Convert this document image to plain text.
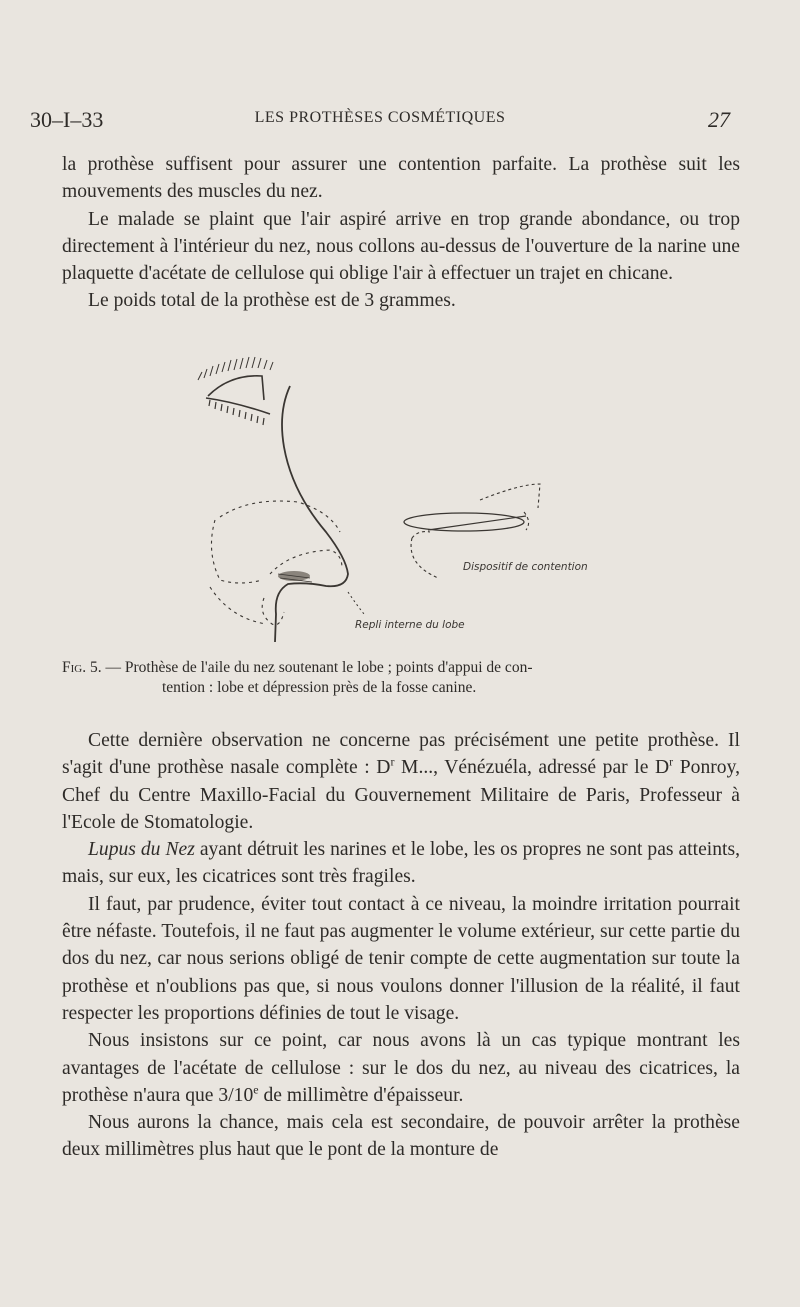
30–I–33	LES PROTHÈSES COSMÉTIQUES	27

la prothèse suffisent pour assurer une contention parfaite. La prothèse suit les mouvements des muscles du nez.

Le malade se plaint que l'air aspiré arrive en trop grande abondance, ou trop directement à l'intérieur du nez, nous collons au-dessus de l'ouverture de la narine une plaquette d'acétate de cellulose qui oblige l'air à effectuer un trajet en chicane.

Le poids total de la prothèse est de 3 grammes.

Dispositif de contention
Repli interne du lobe
Fig. 5. — Prothèse de l'aile du nez soutenant le lobe ; points d'appui de con-
tention : lobe et dépression près de la fosse canine.

Cette dernière observation ne concerne pas précisément une petite prothèse. Il s'agit d'une prothèse nasale complète : $D^r$ M..., Vénézuéla, adressé par le $D^r$ Ponroy, Chef du Centre Maxillo-Facial du Gouvernement Militaire de Paris, Professeur à l'Ecole de Stomatologie.

Lupus du Nez ayant détruit les narines et le lobe, les os propres ne sont pas atteints, mais, sur eux, les cicatrices sont très fragiles.

Il faut, par prudence, éviter tout contact à ce niveau, la moindre irritation pourrait être néfaste. Toutefois, il ne faut pas augmenter le volume extérieur, sur cette partie du dos du nez, car nous serions obligé de tenir compte de cette augmentation sur toute la prothèse et n'oublions pas que, si nous voulons donner l'illusion de la réalité, il faut respecter les proportions définies de tout le visage.

Nous insistons sur ce point, car nous avons là un cas typique montrant les avantages de l'acétate de cellulose : sur le dos du nez, au niveau des cicatrices, la prothèse n'aura que 3/10e de millimètre d'épaisseur.

Nous aurons la chance, mais cela est secondaire, de pouvoir arrêter la prothèse deux millimètres plus haut que le pont de la monture de
